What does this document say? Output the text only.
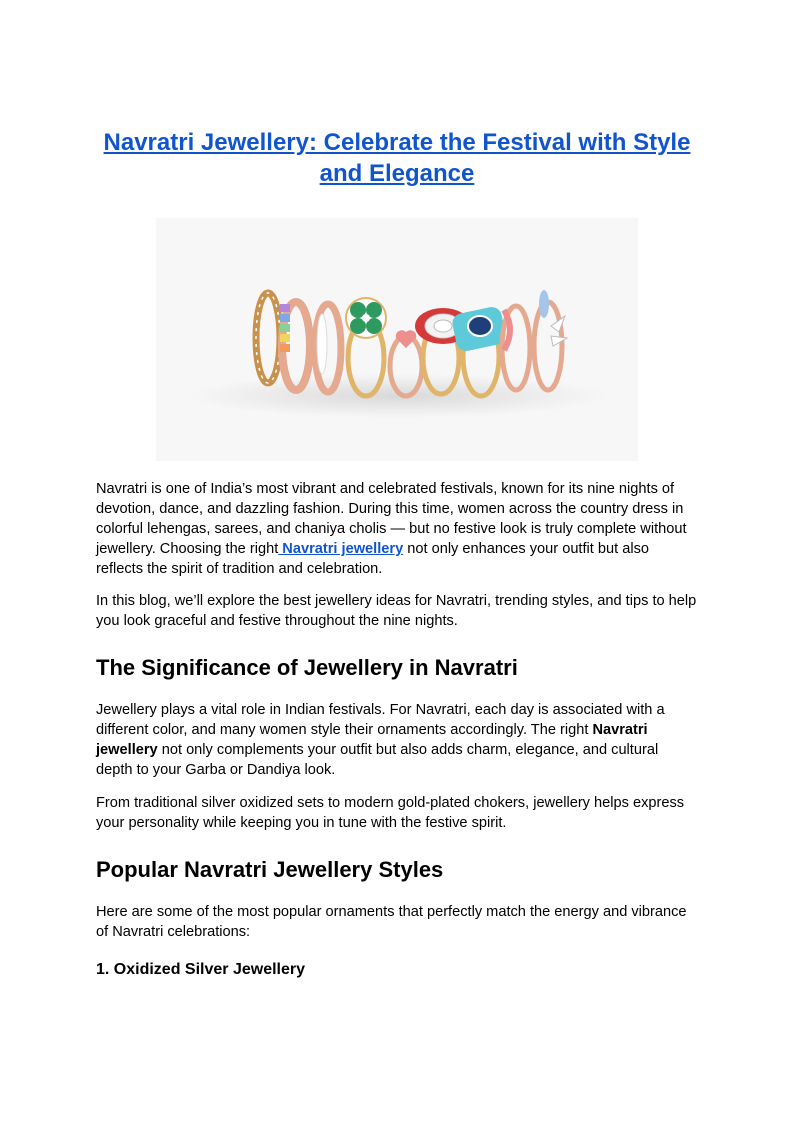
Navratri Jewellery: Celebrate the Festival with Style and Elegance

Navratri is one of India’s most vibrant and celebrated festivals, known for its nine nights of devotion, dance, and dazzling fashion. During this time, women across the country dress in colorful lehengas, sarees, and chaniya cholis — but no festive look is truly complete without jewellery. Choosing the right Navratri jewellery not only enhances your outfit but also reflects the spirit of tradition and celebration.

In this blog, we’ll explore the best jewellery ideas for Navratri, trending styles, and tips to help you look graceful and festive throughout the nine nights.

The Significance of Jewellery in Navratri

Jewellery plays a vital role in Indian festivals. For Navratri, each day is associated with a different color, and many women style their ornaments accordingly. The right Navratri jewellery not only complements your outfit but also adds charm, elegance, and cultural depth to your Garba or Dandiya look.

From traditional silver oxidized sets to modern gold-plated chokers, jewellery helps express your personality while keeping you in tune with the festive spirit.

Popular Navratri Jewellery Styles

Here are some of the most popular ornaments that perfectly match the energy and vibrance of Navratri celebrations:

1. Oxidized Silver Jewellery
